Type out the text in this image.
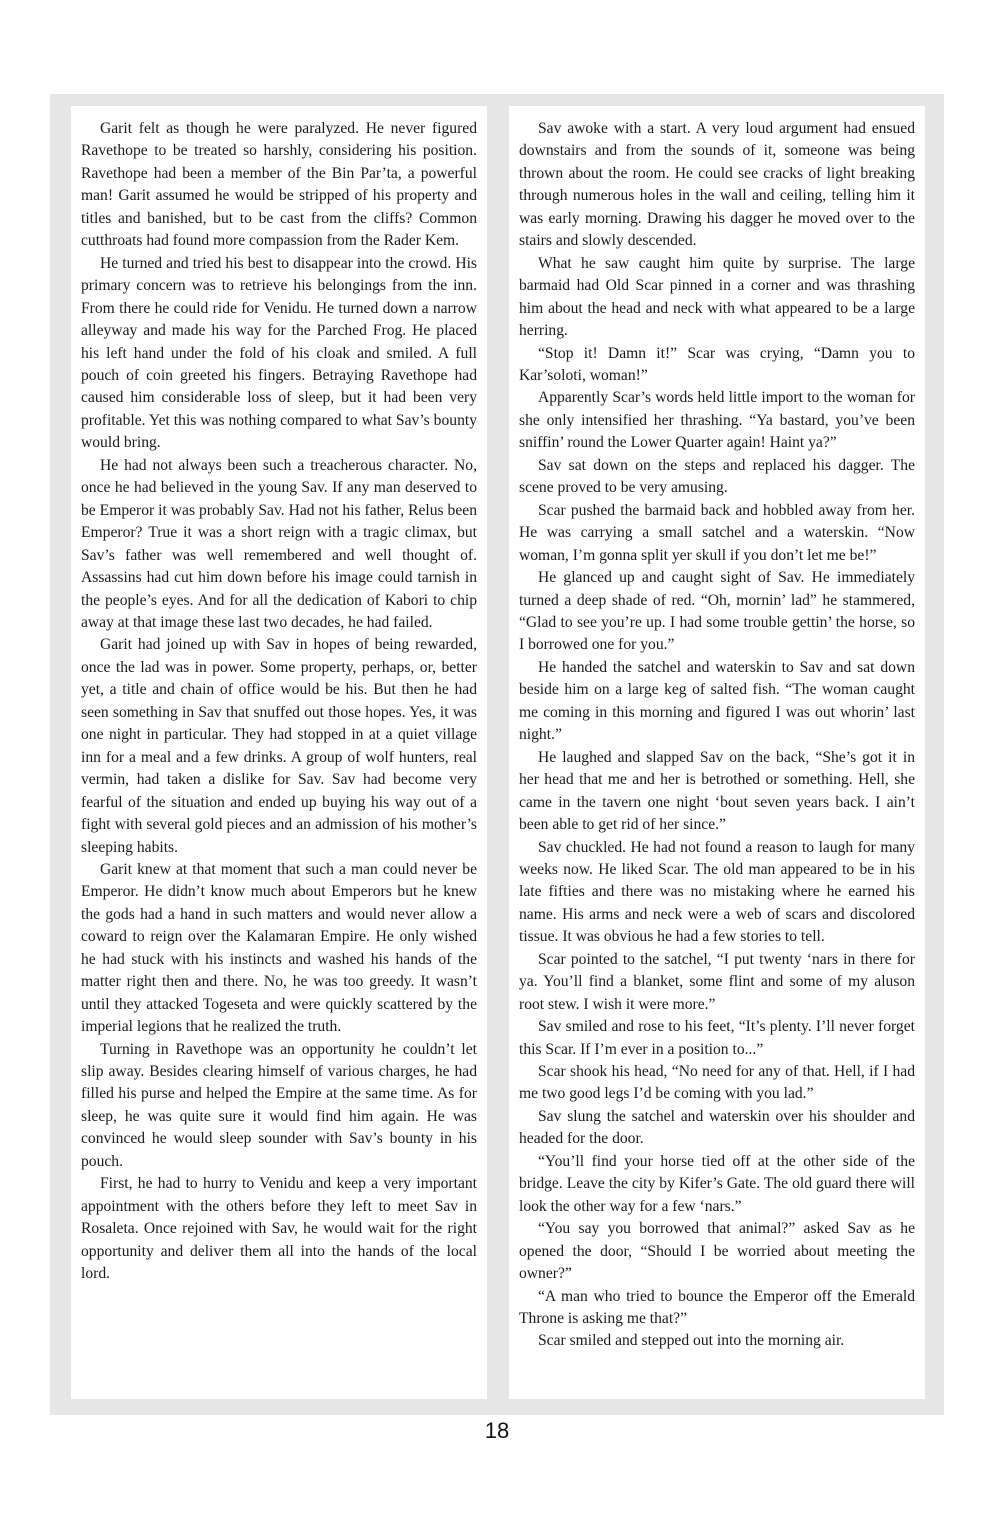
Garit felt as though he were paralyzed. He never figured Ravethope to be treated so harshly, considering his position. Ravethope had been a member of the Bin Par’ta, a powerful man! Garit assumed he would be stripped of his property and titles and banished, but to be cast from the cliffs? Common cutthroats had found more compassion from the Rader Kem.

He turned and tried his best to disappear into the crowd. His primary concern was to retrieve his belongings from the inn. From there he could ride for Venidu. He turned down a narrow alleyway and made his way for the Parched Frog. He placed his left hand under the fold of his cloak and smiled. A full pouch of coin greeted his fingers. Betraying Ravethope had caused him considerable loss of sleep, but it had been very profitable. Yet this was nothing compared to what Sav’s bounty would bring.

He had not always been such a treacherous character. No, once he had believed in the young Sav. If any man deserved to be Emperor it was probably Sav. Had not his father, Relus been Emperor? True it was a short reign with a tragic climax, but Sav’s father was well remembered and well thought of. Assassins had cut him down before his image could tarnish in the people’s eyes. And for all the dedication of Kabori to chip away at that image these last two decades, he had failed.

Garit had joined up with Sav in hopes of being rewarded, once the lad was in power. Some property, perhaps, or, better yet, a title and chain of office would be his. But then he had seen something in Sav that snuffed out those hopes. Yes, it was one night in particular. They had stopped in at a quiet village inn for a meal and a few drinks. A group of wolf hunters, real vermin, had taken a dislike for Sav. Sav had become very fearful of the situation and ended up buying his way out of a fight with several gold pieces and an admission of his mother’s sleeping habits.

Garit knew at that moment that such a man could never be Emperor. He didn’t know much about Emperors but he knew the gods had a hand in such matters and would never allow a coward to reign over the Kalamaran Empire. He only wished he had stuck with his instincts and washed his hands of the matter right then and there. No, he was too greedy. It wasn’t until they attacked Togeseta and were quickly scattered by the imperial legions that he realized the truth.

Turning in Ravethope was an opportunity he couldn’t let slip away. Besides clearing himself of various charges, he had filled his purse and helped the Empire at the same time. As for sleep, he was quite sure it would find him again. He was convinced he would sleep sounder with Sav’s bounty in his pouch.

First, he had to hurry to Venidu and keep a very important appointment with the others before they left to meet Sav in Rosaleta. Once rejoined with Sav, he would wait for the right opportunity and deliver them all into the hands of the local lord.

Sav awoke with a start. A very loud argument had ensued downstairs and from the sounds of it, someone was being thrown about the room. He could see cracks of light breaking through numerous holes in the wall and ceiling, telling him it was early morning. Drawing his dagger he moved over to the stairs and slowly descended.

What he saw caught him quite by surprise. The large barmaid had Old Scar pinned in a corner and was thrashing him about the head and neck with what appeared to be a large herring.

“Stop it! Damn it!” Scar was crying, “Damn you to Kar’soloti, woman!”

Apparently Scar’s words held little import to the woman for she only intensified her thrashing. “Ya bastard, you’ve been sniffin’ round the Lower Quarter again! Haint ya?”

Sav sat down on the steps and replaced his dagger. The scene proved to be very amusing.

Scar pushed the barmaid back and hobbled away from her. He was carrying a small satchel and a waterskin. “Now woman, I’m gonna split yer skull if you don’t let me be!”

He glanced up and caught sight of Sav. He immediately turned a deep shade of red. “Oh, mornin’ lad” he stammered, “Glad to see you’re up. I had some trouble gettin’ the horse, so I borrowed one for you.”

He handed the satchel and waterskin to Sav and sat down beside him on a large keg of salted fish. “The woman caught me coming in this morning and figured I was out whorin’ last night.”

He laughed and slapped Sav on the back, “She’s got it in her head that me and her is betrothed or something. Hell, she came in the tavern one night ‘bout seven years back. I ain’t been able to get rid of her since.”

Sav chuckled. He had not found a reason to laugh for many weeks now. He liked Scar. The old man appeared to be in his late fifties and there was no mistaking where he earned his name. His arms and neck were a web of scars and discolored tissue. It was obvious he had a few stories to tell.

Scar pointed to the satchel, “I put twenty ‘nars in there for ya. You’ll find a blanket, some flint and some of my aluson root stew. I wish it were more.”

Sav smiled and rose to his feet, “It’s plenty. I’ll never forget this Scar. If I’m ever in a position to...”

Scar shook his head, “No need for any of that. Hell, if I had me two good legs I’d be coming with you lad.”

Sav slung the satchel and waterskin over his shoulder and headed for the door.

“You’ll find your horse tied off at the other side of the bridge. Leave the city by Kifer’s Gate. The old guard there will look the other way for a few ‘nars.”

“You say you borrowed that animal?” asked Sav as he opened the door, “Should I be worried about meeting the owner?”

“A man who tried to bounce the Emperor off the Emerald Throne is asking me that?”

Scar smiled and stepped out into the morning air.

18
